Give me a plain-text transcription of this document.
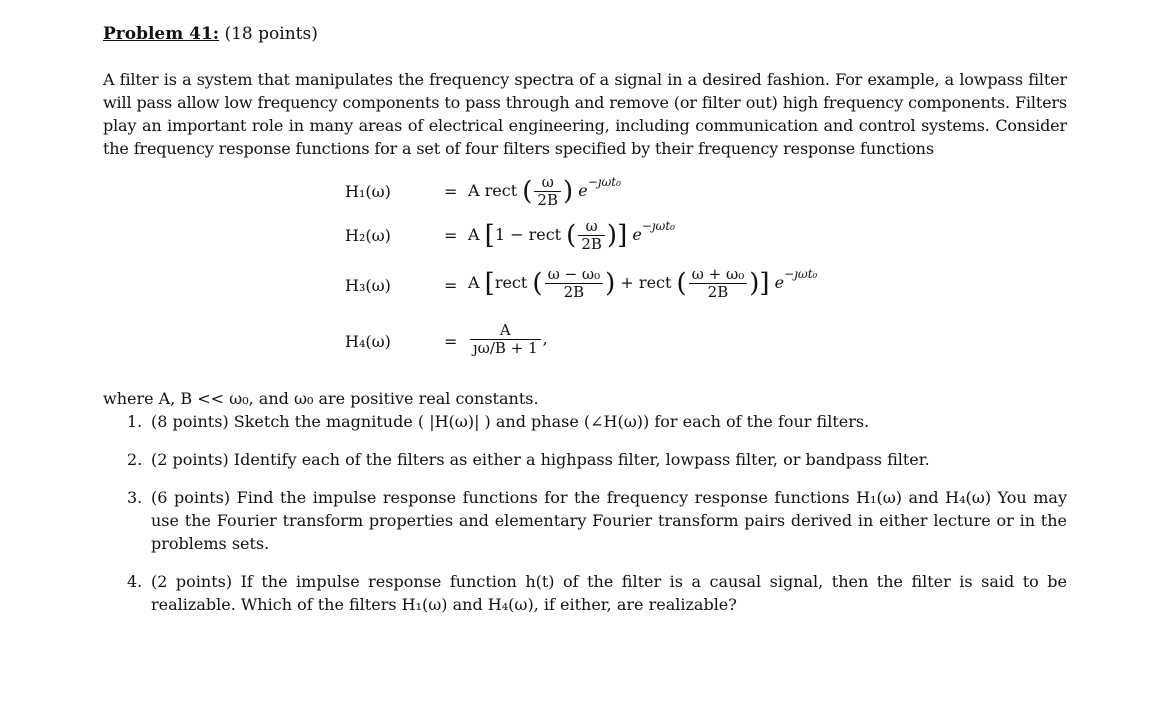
Problem 41: (18 points)

A filter is a system that manipulates the frequency spectra of a signal in a desired fashion. For example, a lowpass filter will pass allow low frequency components to pass through and remove (or filter out) high frequency components. Filters play an important role in many areas of electrical engineering, including communication and control systems. Consider the frequency response functions for a set of four filters specified by their frequency response functions

H₁(ω)	= A rect ( $\frac{\omega}{2B}$ ) $e^{-ȷ\omega t_0}$
H₂(ω)	= A [1 − rect ( $\frac{\omega}{2B}$ )] $e^{-ȷ\omega t_0}$
H₃(ω)	= A [rect ( $\frac{\text{ω − ω₀}}{2B}$ ) + rect ( $\frac{\text{ω + ω₀}}{2B}$ )] $e^{-ȷ\omega t_0}$
H₄(ω)	= $\frac{A}{ȷ\omega/B + 1}$ ,

where A, B << ω₀, and ω₀ are positive real constants.

1. (8 points) Sketch the magnitude ( |H(ω)| ) and phase (∠H(ω)) for each of the four filters.
2. (2 points) Identify each of the filters as either a highpass filter, lowpass filter, or bandpass filter.
3. (6 points) Find the impulse response functions for the frequency response functions H₁(ω) and H₄(ω) You may use the Fourier transform properties and elementary Fourier transform pairs derived in either lecture or in the problems sets.
4. (2 points) If the impulse response function h(t) of the filter is a causal signal, then the filter is said to be realizable. Which of the filters H₁(ω) and H₄(ω), if either, are realizable?
